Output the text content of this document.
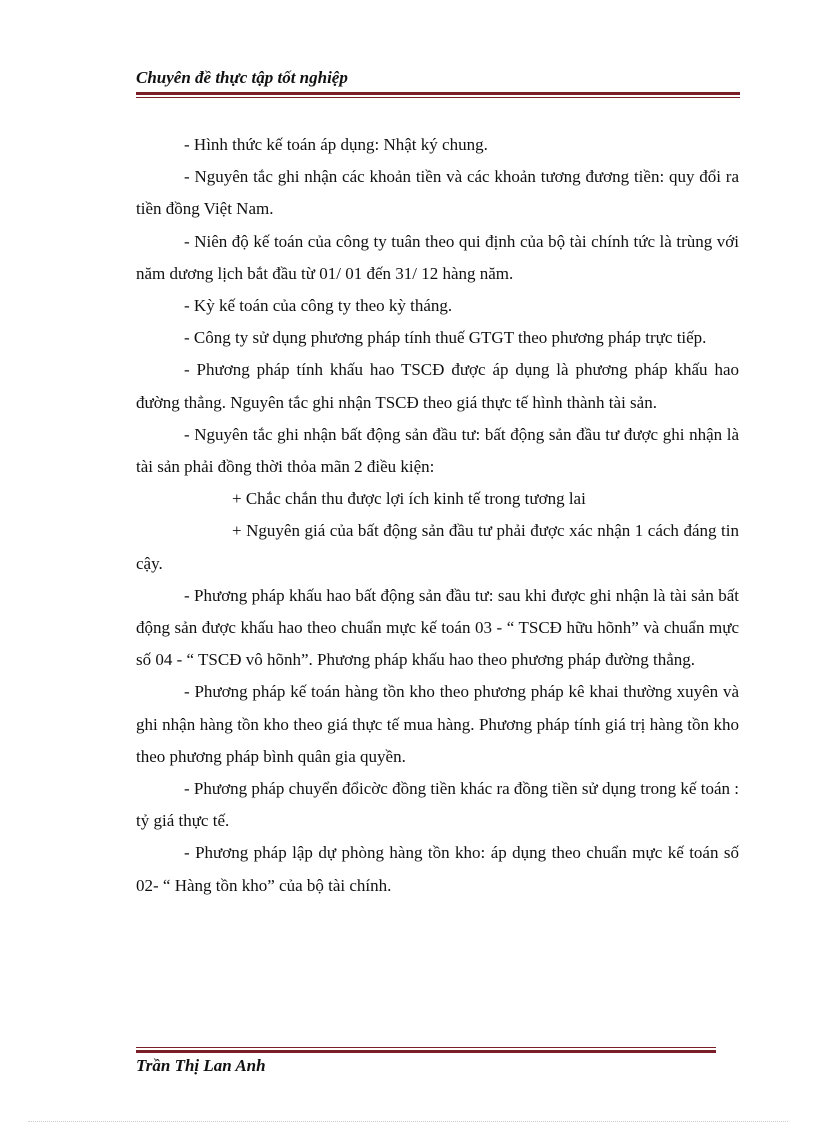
Chuyên đề thực tập tốt nghiệp

- Hình thức kế toán áp dụng: Nhật ký chung.

- Nguyên tắc ghi nhận các khoản tiền và các khoản tương đương tiền: quy đổi ra tiền đồng Việt Nam.

- Niên độ kế toán của công ty tuân theo qui định của bộ tài chính tức là trùng với năm dương lịch bắt đầu từ 01/ 01 đến 31/ 12 hàng năm.

- Kỳ kế toán của công ty theo kỳ tháng.

- Công ty sử dụng phương pháp tính thuế GTGT theo phương pháp trực tiếp.

- Phương pháp tính khấu hao TSCĐ được áp dụng là phương pháp khấu hao đường thẳng. Nguyên tắc ghi nhận TSCĐ theo giá thực tế hình thành tài sản.

- Nguyên tắc ghi nhận bất động sản đầu tư: bất động sản đầu tư được ghi nhận là tài sản phải đồng thời thỏa mãn 2 điều kiện:

+ Chắc chắn thu được lợi ích kinh tế trong tương lai

+ Nguyên giá của bất động sản đầu tư phải được xác nhận 1 cách đáng tin cậy.

- Phương pháp khấu hao bất động sản đầu tư: sau khi được ghi nhận là tài sản bất động sản được khấu hao theo chuẩn mực kế toán 03 - “ TSCĐ hữu hõnh” và chuẩn mực số 04 - “ TSCĐ vô hõnh”. Phương pháp khấu hao theo phương pháp đường thẳng.

- Phương pháp kế toán hàng tồn kho theo phương pháp kê khai thường xuyên và ghi nhận hàng tồn kho theo giá thực tế mua hàng. Phương pháp tính giá trị hàng tồn kho theo phương pháp bình quân gia quyền.

- Phương pháp chuyển đổicờc đồng tiền khác ra đồng tiền sử dụng trong kế toán : tỷ giá thực tế.

- Phương pháp lập dự phòng hàng tồn kho: áp dụng theo chuẩn mực kế toán số 02- “ Hàng tồn kho” của bộ tài chính.

Trần Thị Lan Anh
